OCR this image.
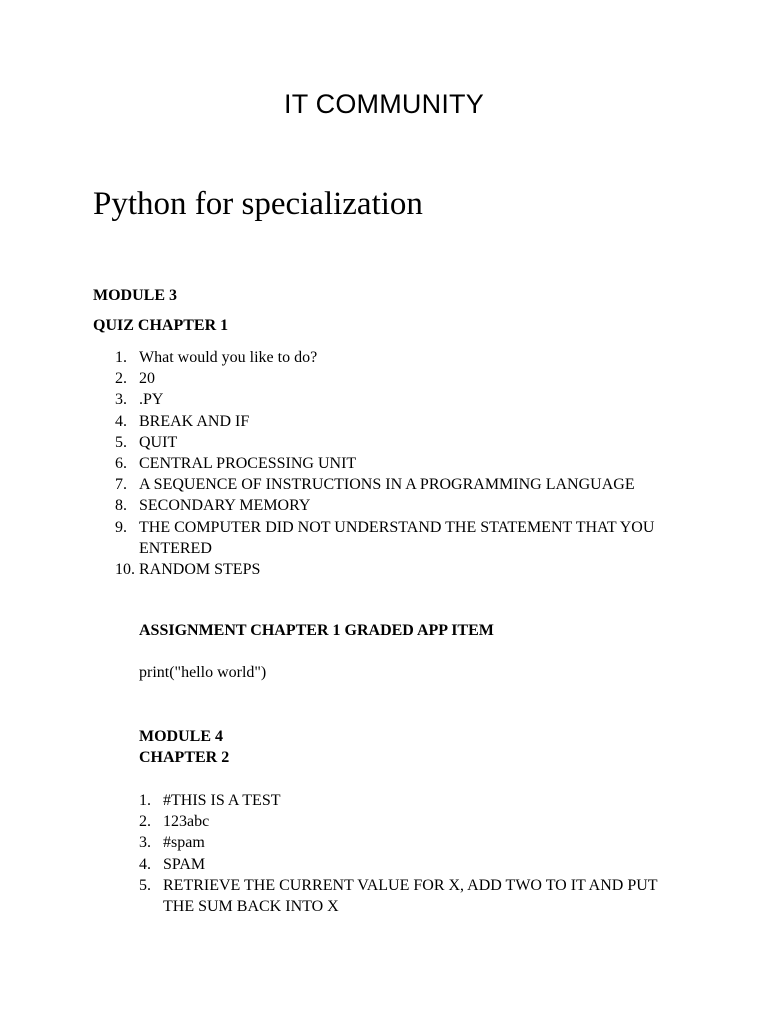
IT COMMUNITY
Python for specialization
MODULE 3
QUIZ CHAPTER 1
1. What would you like to do?
2. 20
3. .PY
4. BREAK AND IF
5. QUIT
6. CENTRAL PROCESSING UNIT
7. A SEQUENCE OF INSTRUCTIONS IN A PROGRAMMING LANGUAGE
8. SECONDARY MEMORY
9. THE COMPUTER DID NOT UNDERSTAND THE STATEMENT THAT YOU ENTERED
10. RANDOM STEPS
ASSIGNMENT CHAPTER 1 GRADED APP ITEM
print("hello world")
MODULE 4
CHAPTER 2
1. #THIS IS A TEST
2. 123abc
3. #spam
4. SPAM
5. RETRIEVE THE CURRENT VALUE FOR X, ADD TWO TO IT AND PUT THE SUM BACK INTO X
